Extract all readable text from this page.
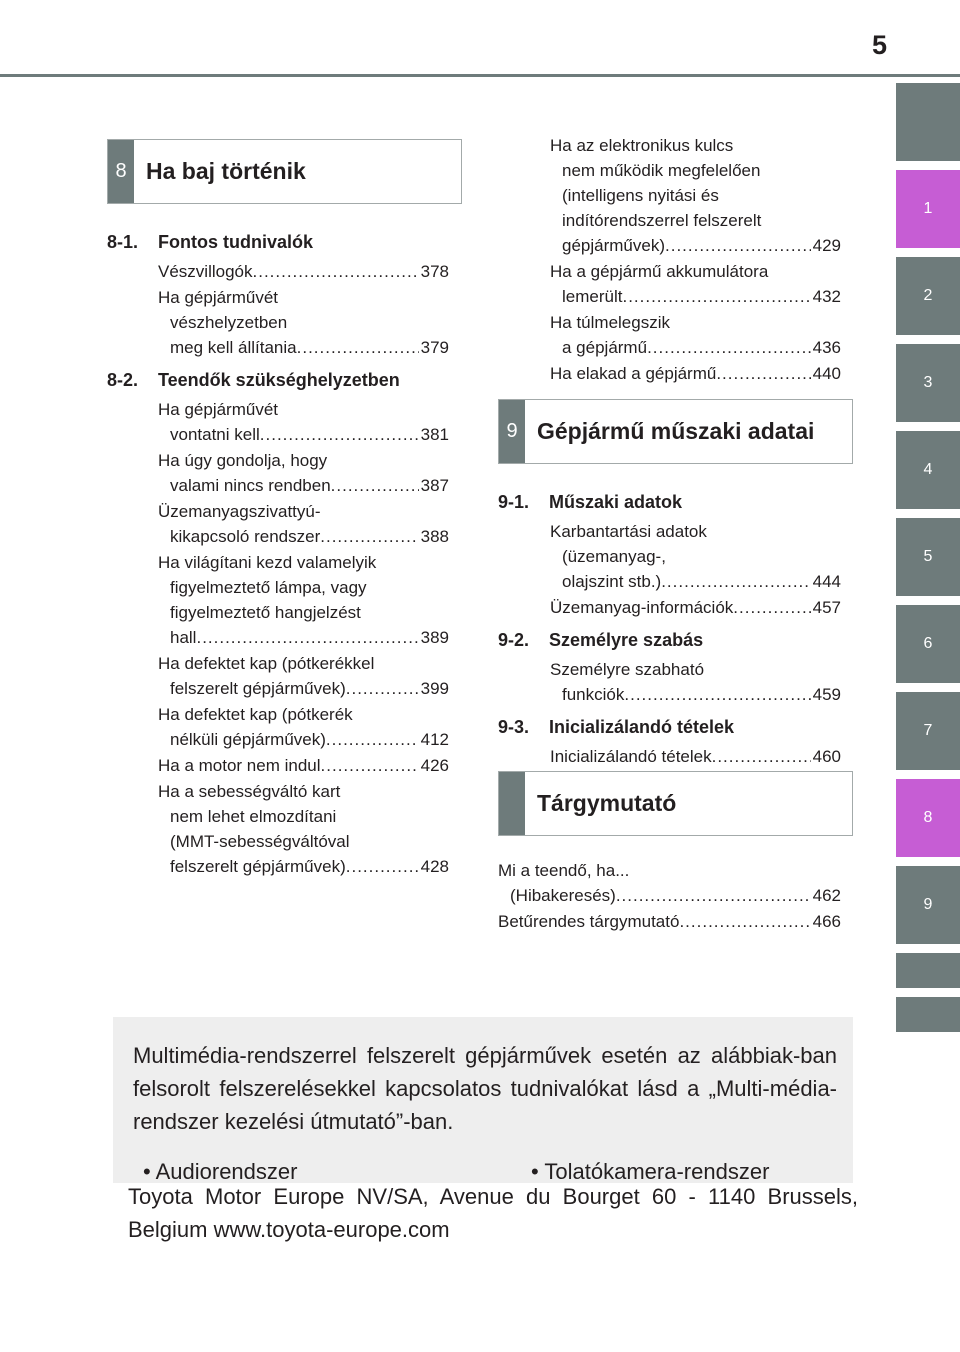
5
1
2
3
4
5
6
7
8
9
8 Ha baj történik
8-1.	Fontos tudnivalók
Vészvillogók .....	378
Ha gépjárművét
vészhelyzetben
meg kell állítania .....	379
8-2.	Teendők szükséghelyzetben
Ha gépjárművét
vontatni kell .....	381
Ha úgy gondolja, hogy
valami nincs rendben .....	387
Üzemanyagszivattyú-
kikapcsoló rendszer .....	388
Ha világítani kezd valamelyik
figyelmeztető lámpa, vagy
figyelmeztető hangjelzést
hall .....	389
Ha defektet kap (pótkerékkel
felszerelt gépjárművek) .....	399
Ha defektet kap (pótkerék
nélküli gépjárművek) .....	412
Ha a motor nem indul .....	426
Ha a sebességváltó kart
nem lehet elmozdítani
(MMT-sebességváltóval
felszerelt gépjárművek) .....	428
Ha az elektronikus kulcs
nem működik megfelelően
(intelligens nyitási és
indítórendszerrel felszerelt
gépjárművek) .....	429
Ha a gépjármű akkumulátora
lemerült .....	432
Ha túlmelegszik
a gépjármű .....	436
Ha elakad a gépjármű .....	440
9 Gépjármű műszaki adatai
9-1.	Műszaki adatok
Karbantartási adatok
(üzemanyag-,
olajszint stb.) .....	444
Üzemanyag-információk .....	457
9-2.	Személyre szabás
Személyre szabható
funkciók .....	459
9-3.	Inicializálandó tételek
Inicializálandó tételek .....	460
Tárgymutató
Mi a teendő, ha...
(Hibakeresés) .....	462
Betűrendes tárgymutató .....	466
Multimédia-rendszerrel felszerelt gépjárművek esetén az alábbiak-ban felsorolt felszerelésekkel kapcsolatos tudnivalókat lásd a „Multi-média-rendszer kezelési útmutató”-ban.
• Audiorendszer	• Tolatókamera-rendszer
Toyota Motor Europe NV/SA, Avenue du Bourget 60 - 1140 Brussels, Belgium www.toyota-europe.com
